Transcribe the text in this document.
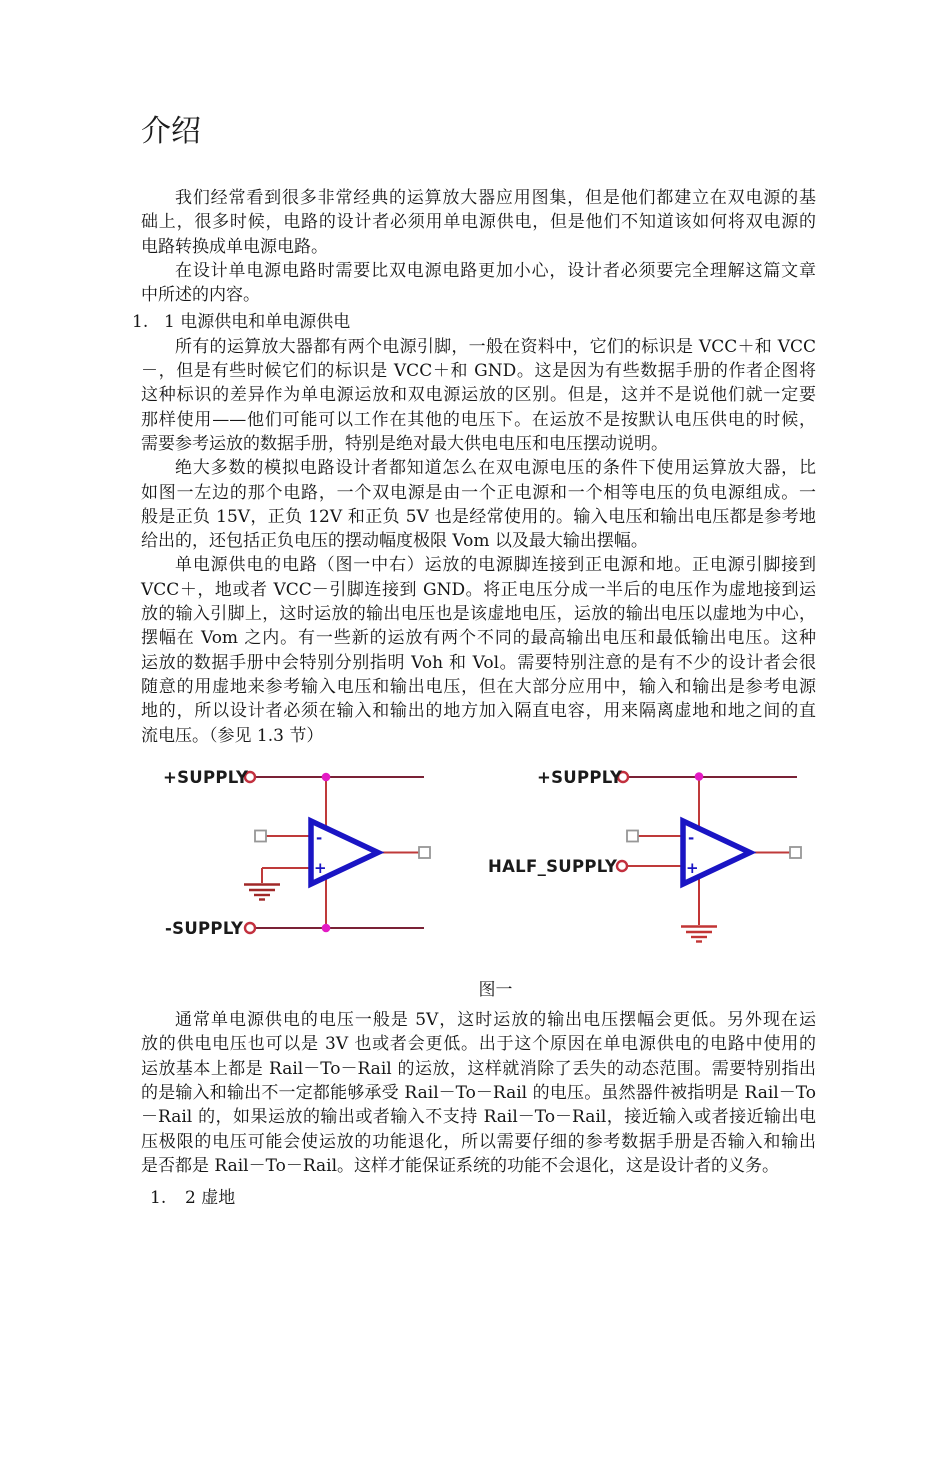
介绍
我们经常看到很多非常经典的运算放大器应用图集，但是他们都建立在双电源的基
础上，很多时候，电路的设计者必须用单电源供电，但是他们不知道该如何将双电源的
电路转换成单电源电路。
在设计单电源电路时需要比双电源电路更加小心，设计者必须要完全理解这篇文章
中所述的内容。
1. 1 电源供电和单电源供电
所有的运算放大器都有两个电源引脚，一般在资料中，它们的标识是 VCC＋和 VCC
－，但是有些时候它们的标识是 VCC＋和 GND。这是因为有些数据手册的作者企图将
这种标识的差异作为单电源运放和双电源运放的区别。但是，这并不是说他们就一定要
那样使用——他们可能可以工作在其他的电压下。在运放不是按默认电压供电的时候，
需要参考运放的数据手册，特别是绝对最大供电电压和电压摆动说明。
绝大多数的模拟电路设计者都知道怎么在双电源电压的条件下使用运算放大器，比
如图一左边的那个电路，一个双电源是由一个正电源和一个相等电压的负电源组成。一
般是正负 15V，正负 12V 和正负 5V 也是经常使用的。输入电压和输出电压都是参考地
给出的，还包括正负电压的摆动幅度极限 Vom 以及最大输出摆幅。
单电源供电的电路（图一中右）运放的电源脚连接到正电源和地。正电源引脚接到
VCC＋，地或者 VCC－引脚连接到 GND。将正电压分成一半后的电压作为虚地接到运
放的输入引脚上，这时运放的输出电压也是该虚地电压，运放的输出电压以虚地为中心，
摆幅在 Vom 之内。有一些新的运放有两个不同的最高输出电压和最低输出电压。这种
运放的数据手册中会特别分别指明 Voh 和 Vol。需要特别注意的是有不少的设计者会很
随意的用虚地来参考输入电压和输出电压，但在大部分应用中，输入和输出是参考电源
地的，所以设计者必须在输入和输出的地方加入隔直电容，用来隔离虚地和地之间的直
流电压。（参见 1.3 节）
-
+
+SUPPLY
-SUPPLY
-
+
+SUPPLY
HALF_SUPPLY
图一
通常单电源供电的电压一般是 5V，这时运放的输出电压摆幅会更低。另外现在运
放的供电电压也可以是 3V 也或者会更低。出于这个原因在单电源供电的电路中使用的
运放基本上都是 Rail－To－Rail 的运放，这样就消除了丢失的动态范围。需要特别指出
的是输入和输出不一定都能够承受 Rail－To－Rail 的电压。虽然器件被指明是 Rail－To
－Rail 的，如果运放的输出或者输入不支持 Rail－To－Rail，接近输入或者接近输出电
压极限的电压可能会使运放的功能退化，所以需要仔细的参考数据手册是否输入和输出
是否都是 Rail－To－Rail。这样才能保证系统的功能不会退化，这是设计者的义务。
1.	2 虚地
